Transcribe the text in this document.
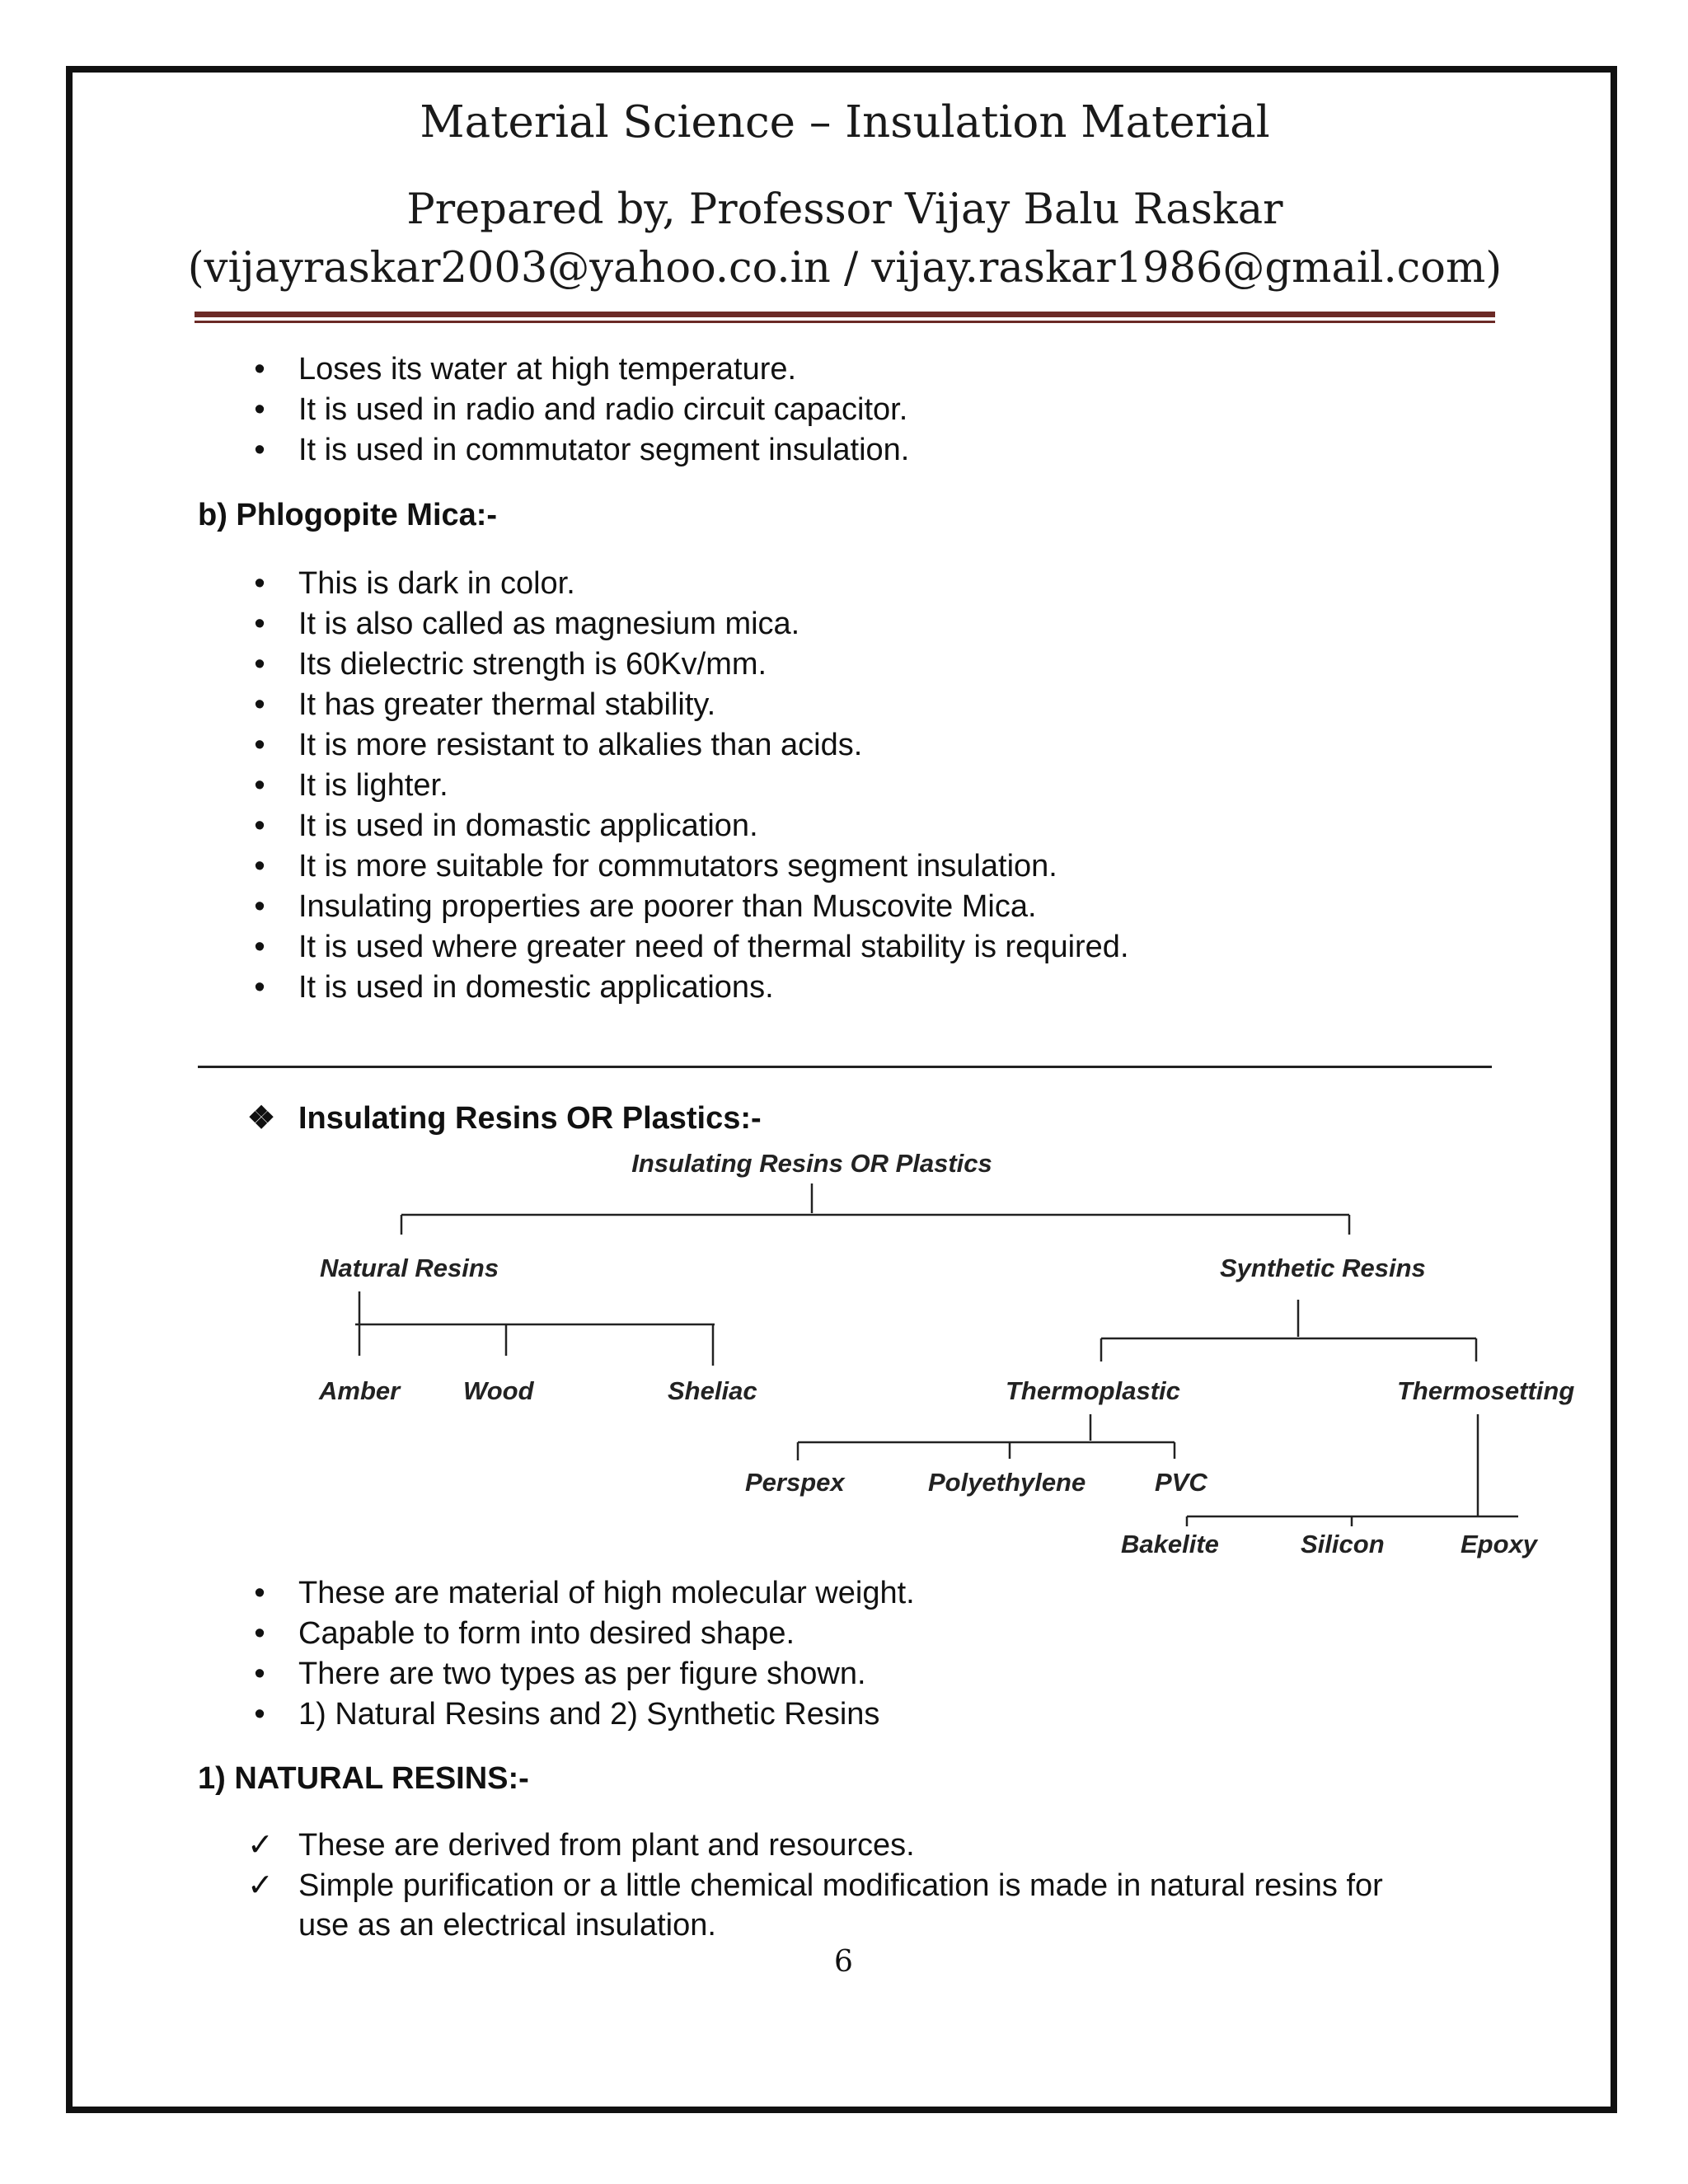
Material Science – Insulation Material
Prepared by, Professor Vijay Balu Raskar
(vijayraskar2003@yahoo.co.in / vijay.raskar1986@gmail.com)
• Loses its water at high temperature.
• It is used in radio and radio circuit capacitor.
• It is used in commutator segment insulation.
b) Phlogopite Mica:-
• This is dark in color.
• It is also called as magnesium mica.
• Its dielectric strength is 60Kv/mm.
• It has greater thermal stability.
• It is more resistant to alkalies than acids.
• It is lighter.
• It is used in domastic application.
• It is more suitable for commutators segment insulation.
• Insulating properties are poorer than Muscovite Mica.
• It is used where greater need of thermal stability is required.
• It is used in domestic applications.
❖ Insulating Resins OR Plastics:-
Insulating Resins OR Plastics
Natural Resins	Synthetic Resins
Amber Wood	Sheliac	Thermoplastic	Thermosetting
Perspex	Polyethylene	PVC
Bakelite	Silicon	Epoxy
• These are material of high molecular weight.
• Capable to form into desired shape.
• There are two types as per figure shown.
• 1) Natural Resins and 2) Synthetic Resins
1) NATURAL RESINS:-
✓ These are derived from plant and resources.
✓ Simple purification or a little chemical modification is made in natural resins for
use as an electrical insulation.
6
